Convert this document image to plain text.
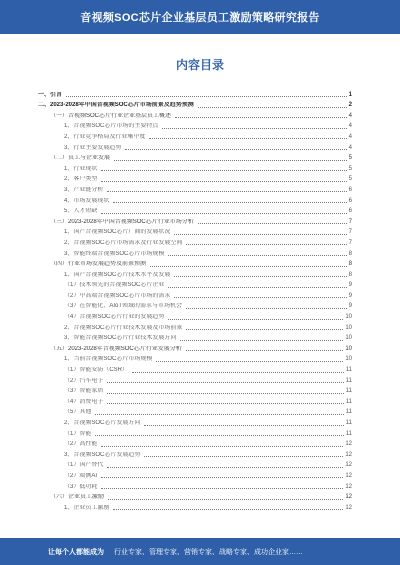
音视频SOC芯片企业基层员工激励策略研究报告
内容目录
一、引言	1
二、2023-2028年中国音视频SOC芯片市场前景及趋势预测	2
（一）音视频SOC芯片行业企业基层员工概述	4
1、音视频SOC芯片市场的主要特点	4
2、行业竞争格局及行业集中度	4
3、行业主要发展趋势	4
（二）员工与企业发展	5
1、行业现状	5
2、客户类型	5
3、产业链分析	6
4、市场发展现状	6
5、人才短缺	6
（三）2023-2028年中国音视频SOC芯片行业市场分析	7
1、国产音视频SOC芯片厂商的发展状况	7
2、音视频SOC芯片市场需求及行业发展空间	7
3、智能终端音视频SOC芯片市场规模	8
（四）行业市场发展趋势及前景预测	8
1、国产音视频SOC芯片技术水平及发展	8
（1）技术领先的音视频SOC芯片企业	9
（2）中高端音视频SOC芯片市场的需求	9
（3）在智能化、AIoT领域的需求与市场机会	9
（4）音视频SOC芯片行业的发展趋势	10
2、音视频SOC芯片行业技术发展及市场前景	10
3、智能音视频SOC芯片行业技术发展方向	10
（五）2023-2028年音视频SOC芯片行业发展分析	10
1、当前音视频SOC芯片市场规模	10
（1）智能安防（CSR）	11
（2）汽车电子	11
（3）智能家居	11
（4）消费电子	11
（5）其他	11
2、音视频SOC芯片发展方向	11
（1）智能	11
（2）高性能	12
3、音视频SOC芯片发展趋势	12
（1）国产替代	12
（2）端侧AI	12
（3）低功耗	12
（六）企业员工激励	12
1、企业员工激励	12
让每个人都能成为 行业专家、管理专家、营销专家、战略专家、成功企业家……
